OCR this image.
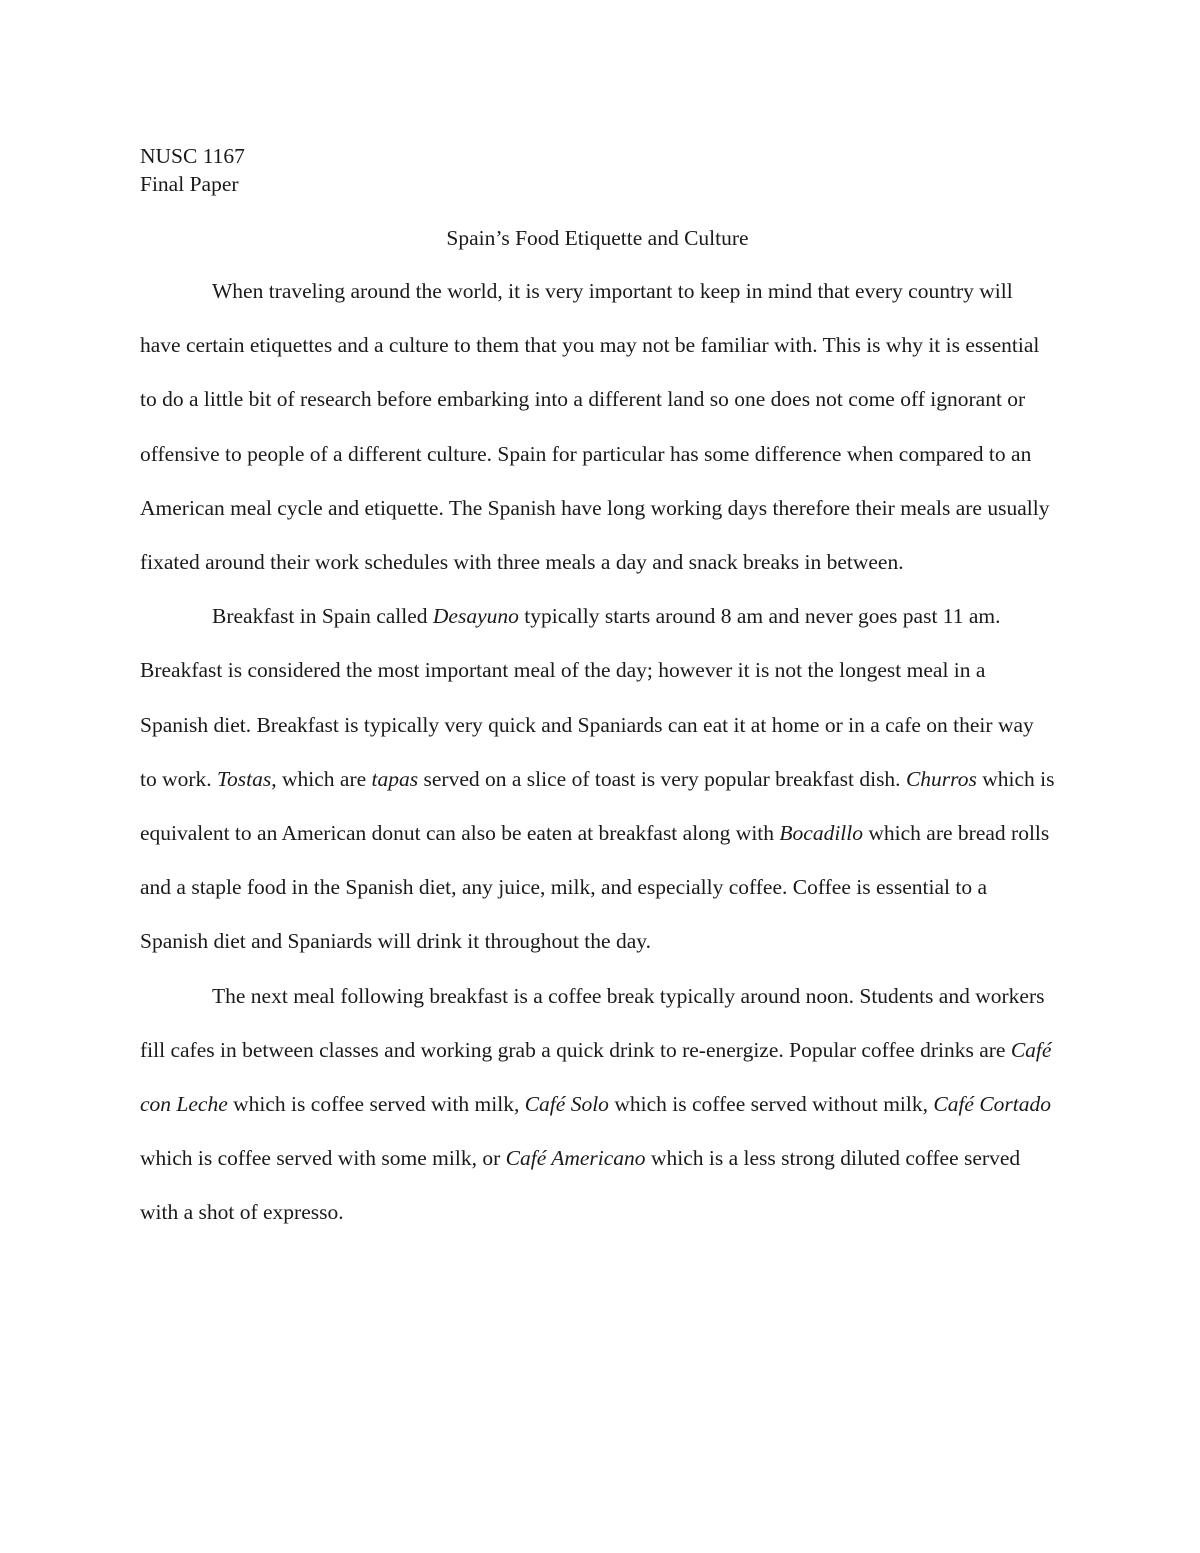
NUSC 1167

Final Paper

Spain’s Food Etiquette and Culture

When traveling around the world, it is very important to keep in mind that every country will have certain etiquettes and a culture to them that you may not be familiar with. This is why it is essential to do a little bit of research before embarking into a different land so one does not come off ignorant or offensive to people of a different culture. Spain for particular has some difference when compared to an American meal cycle and etiquette. The Spanish have long working days therefore their meals are usually fixated around their work schedules with three meals a day and snack breaks in between.

Breakfast in Spain called Desayuno typically starts around 8 am and never goes past 11 am. Breakfast is considered the most important meal of the day; however it is not the longest meal in a Spanish diet. Breakfast is typically very quick and Spaniards can eat it at home or in a cafe on their way to work. Tostas, which are tapas served on a slice of toast is very popular breakfast dish. Churros which is equivalent to an American donut can also be eaten at breakfast along with Bocadillo which are bread rolls and a staple food in the Spanish diet, any juice, milk, and especially coffee. Coffee is essential to a Spanish diet and Spaniards will drink it throughout the day.

The next meal following breakfast is a coffee break typically around noon. Students and workers fill cafes in between classes and working grab a quick drink to re-energize. Popular coffee drinks are Café con Leche which is coffee served with milk, Café Solo which is coffee served without milk, Café Cortado which is coffee served with some milk, or Café Americano which is a less strong diluted coffee served with a shot of expresso.
